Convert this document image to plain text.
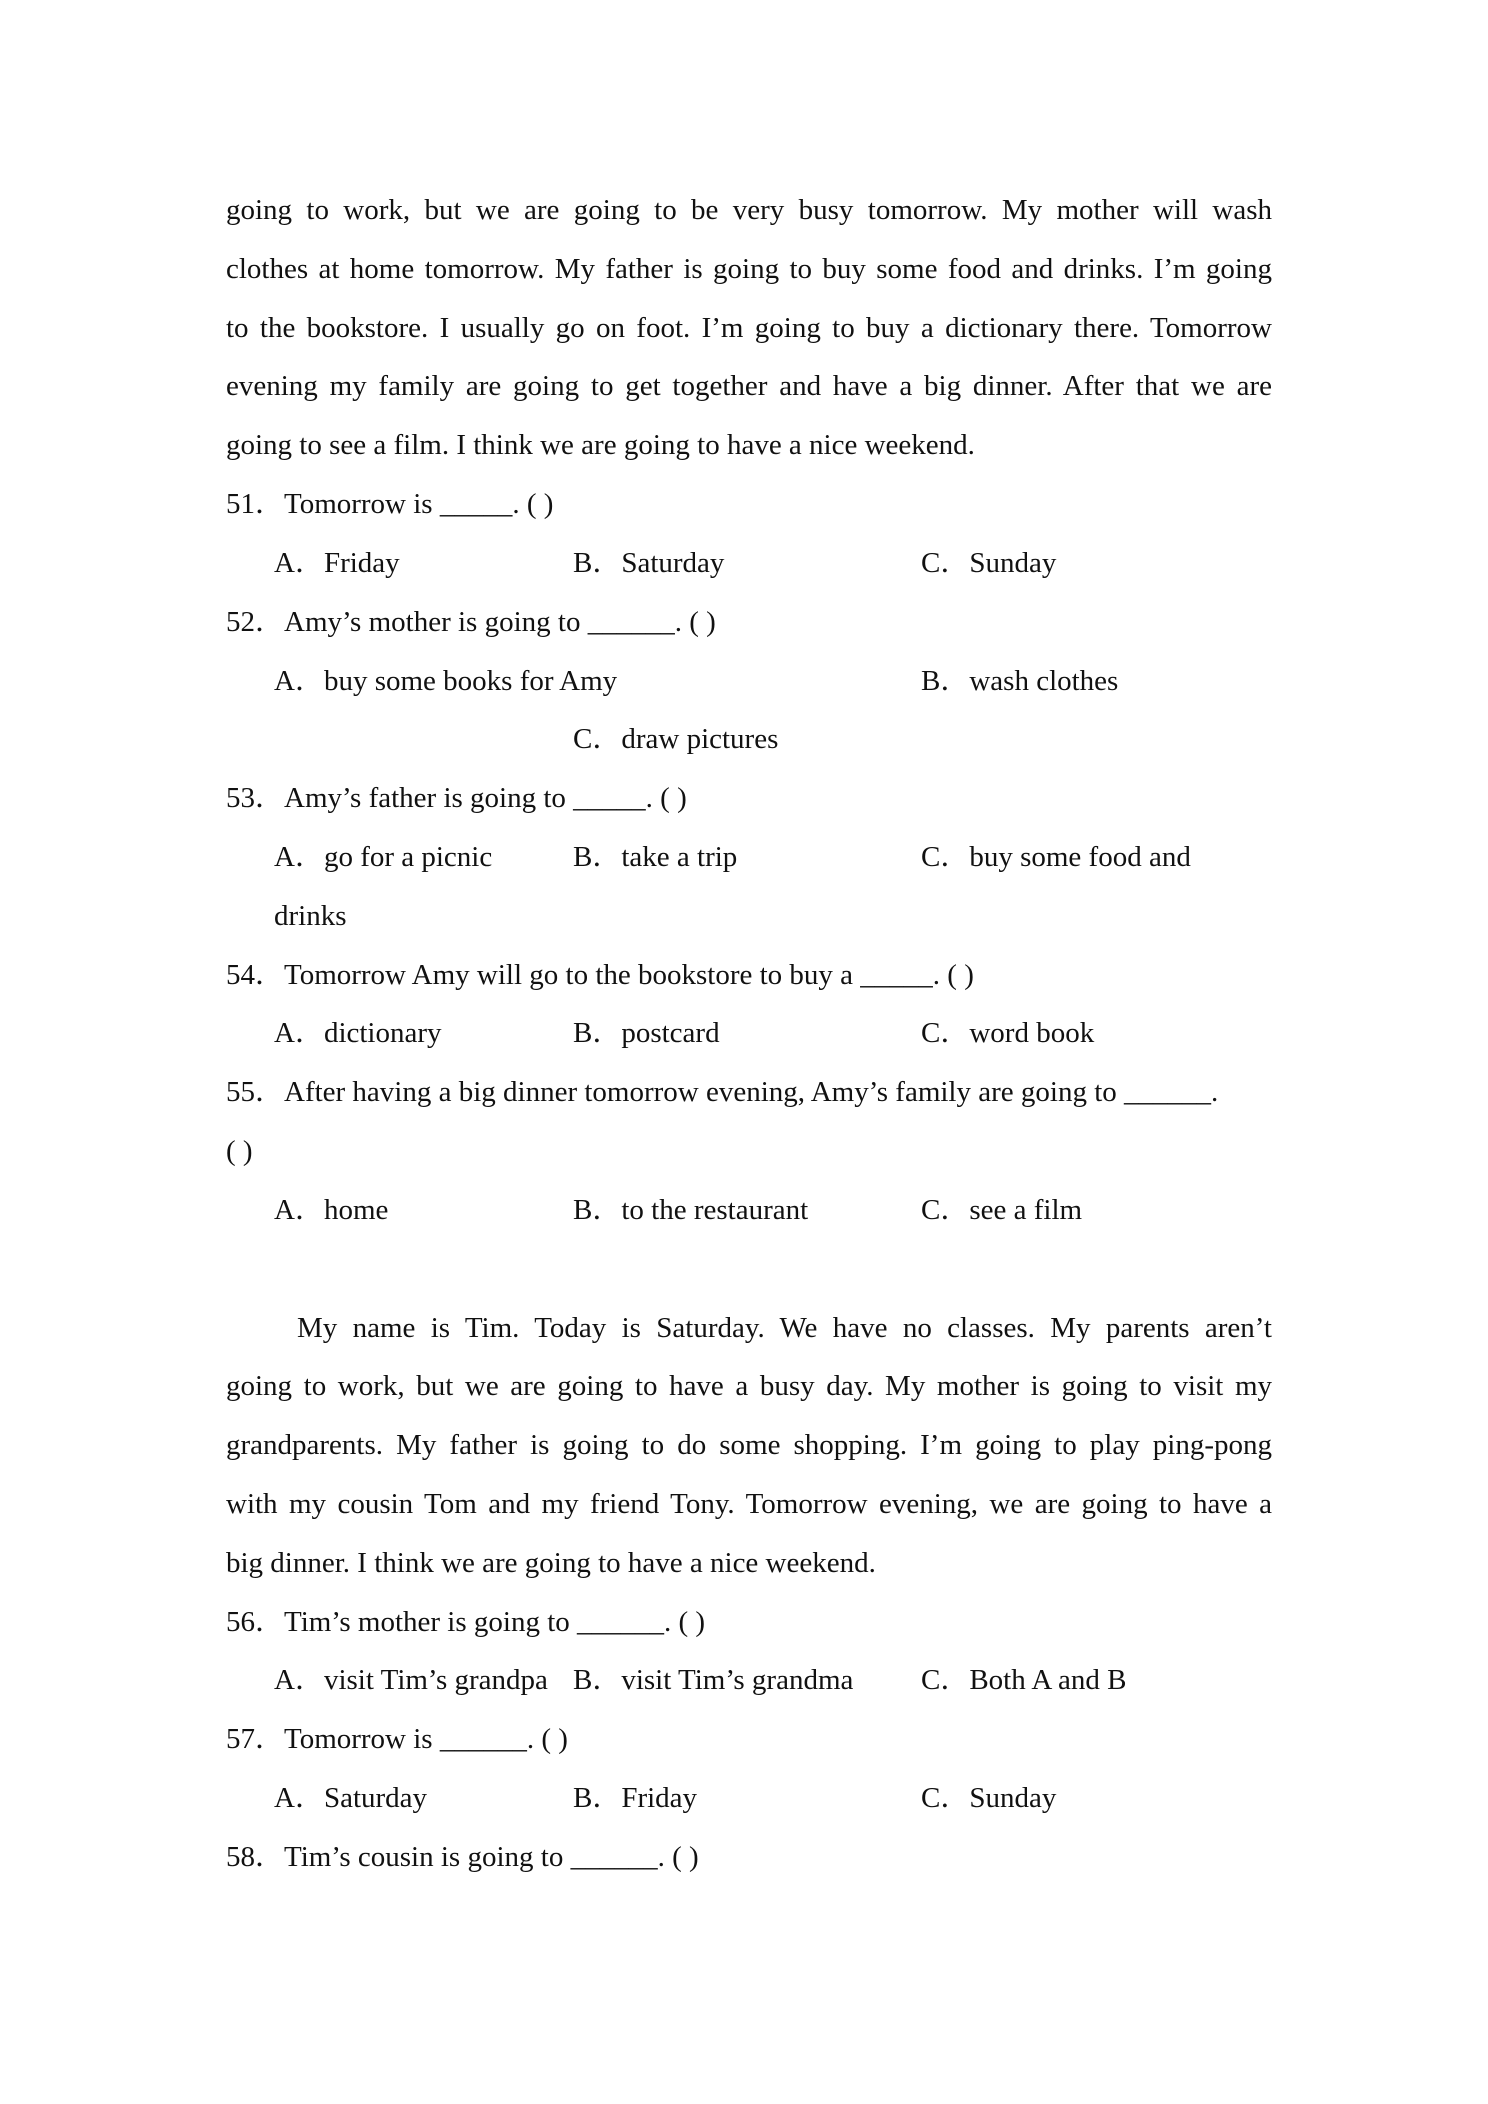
going to work, but we are going to be very busy tomorrow. My mother will wash
clothes at home tomorrow. My father is going to buy some food and drinks. I’m going
to the bookstore. I usually go on foot. I’m going to buy a dictionary there. Tomorrow
evening my family are going to get together and have a big dinner. After that we are
going to see a film. I think we are going to have a nice weekend.
51．Tomorrow is _____. ( )
A．Friday	B．Saturday	C．Sunday
52．Amy’s mother is going to ______. ( )
A．buy some books for Amy	B．wash clothes
C．draw pictures
53．Amy’s father is going to _____. ( )
A．go for a picnic	B．take a trip	C．buy some food and
drinks
54．Tomorrow Amy will go to the bookstore to buy a _____. ( )
A．dictionary	B．postcard	C．word book
55．After having a big dinner tomorrow evening, Amy’s family are going to ______.
( )
A．home	B．to the restaurant	C．see a film
My name is Tim. Today is Saturday. We have no classes. My parents aren’t
going to work, but we are going to have a busy day. My mother is going to visit my
grandparents. My father is going to do some shopping. I’m going to play ping-pong
with my cousin Tom and my friend Tony. Tomorrow evening, we are going to have a
big dinner. I think we are going to have a nice weekend.
56．Tim’s mother is going to ______. ( )
A．visit Tim’s grandpa B．visit Tim’s grandma C．Both A and B
57．Tomorrow is ______. ( )
A．Saturday	B．Friday	C．Sunday
58．Tim’s cousin is going to ______. ( )
